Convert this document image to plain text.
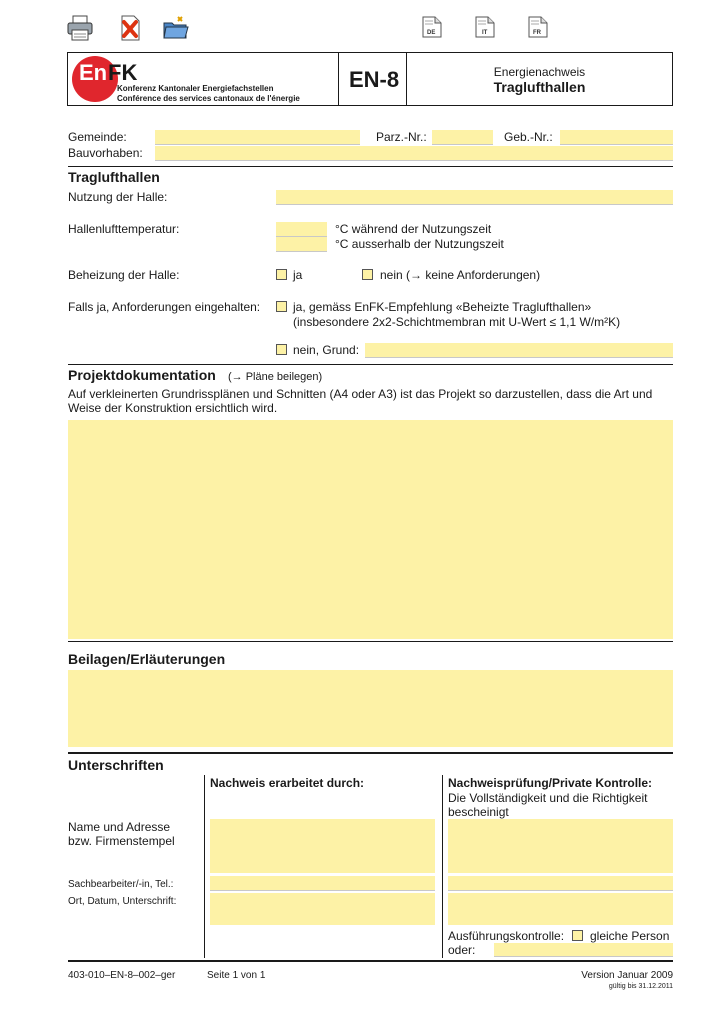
DE	IT	FR
En FK
Konferenz Kantonaler Energiefachstellen
Conférence des services cantonaux de l'énergie
EN-8	Energienachweis
Traglufthallen
Gemeinde:	Parz.-Nr.:	Geb.-Nr.:
Bauvorhaben:
Traglufthallen
Nutzung der Halle:
Hallenlufttemperatur:	°C während der Nutzungszeit
°C ausserhalb der Nutzungszeit
Beheizung der Halle:	ja	nein (→ keine Anforderungen)
Falls ja, Anforderungen eingehalten:	ja, gemäss EnFK-Empfehlung «Beheizte Traglufthallen»
(insbesondere 2x2-Schichtmembran mit U-Wert ≤ 1,1 W/m²K)
nein, Grund:
Projektdokumentation (→ Pläne beilegen)
Auf verkleinerten Grundrissplänen und Schnitten (A4 oder A3) ist das Projekt so darzustellen, dass die Art und
Weise der Konstruktion ersichtlich wird.
Beilagen/Erläuterungen
Unterschriften
Nachweis erarbeitet durch:	Nachweisprüfung/Private Kontrolle:
Die Vollständigkeit und die Richtigkeit
bescheinigt
Name und Adresse
bzw. Firmenstempel
Sachbearbeiter/-in, Tel.:
Ort, Datum, Unterschrift:
Ausführungskontrolle: gleiche Person
oder:
403-010–EN-8–002–ger	Seite 1 von 1	Version Januar 2009
gültig bis 31.12.2011
